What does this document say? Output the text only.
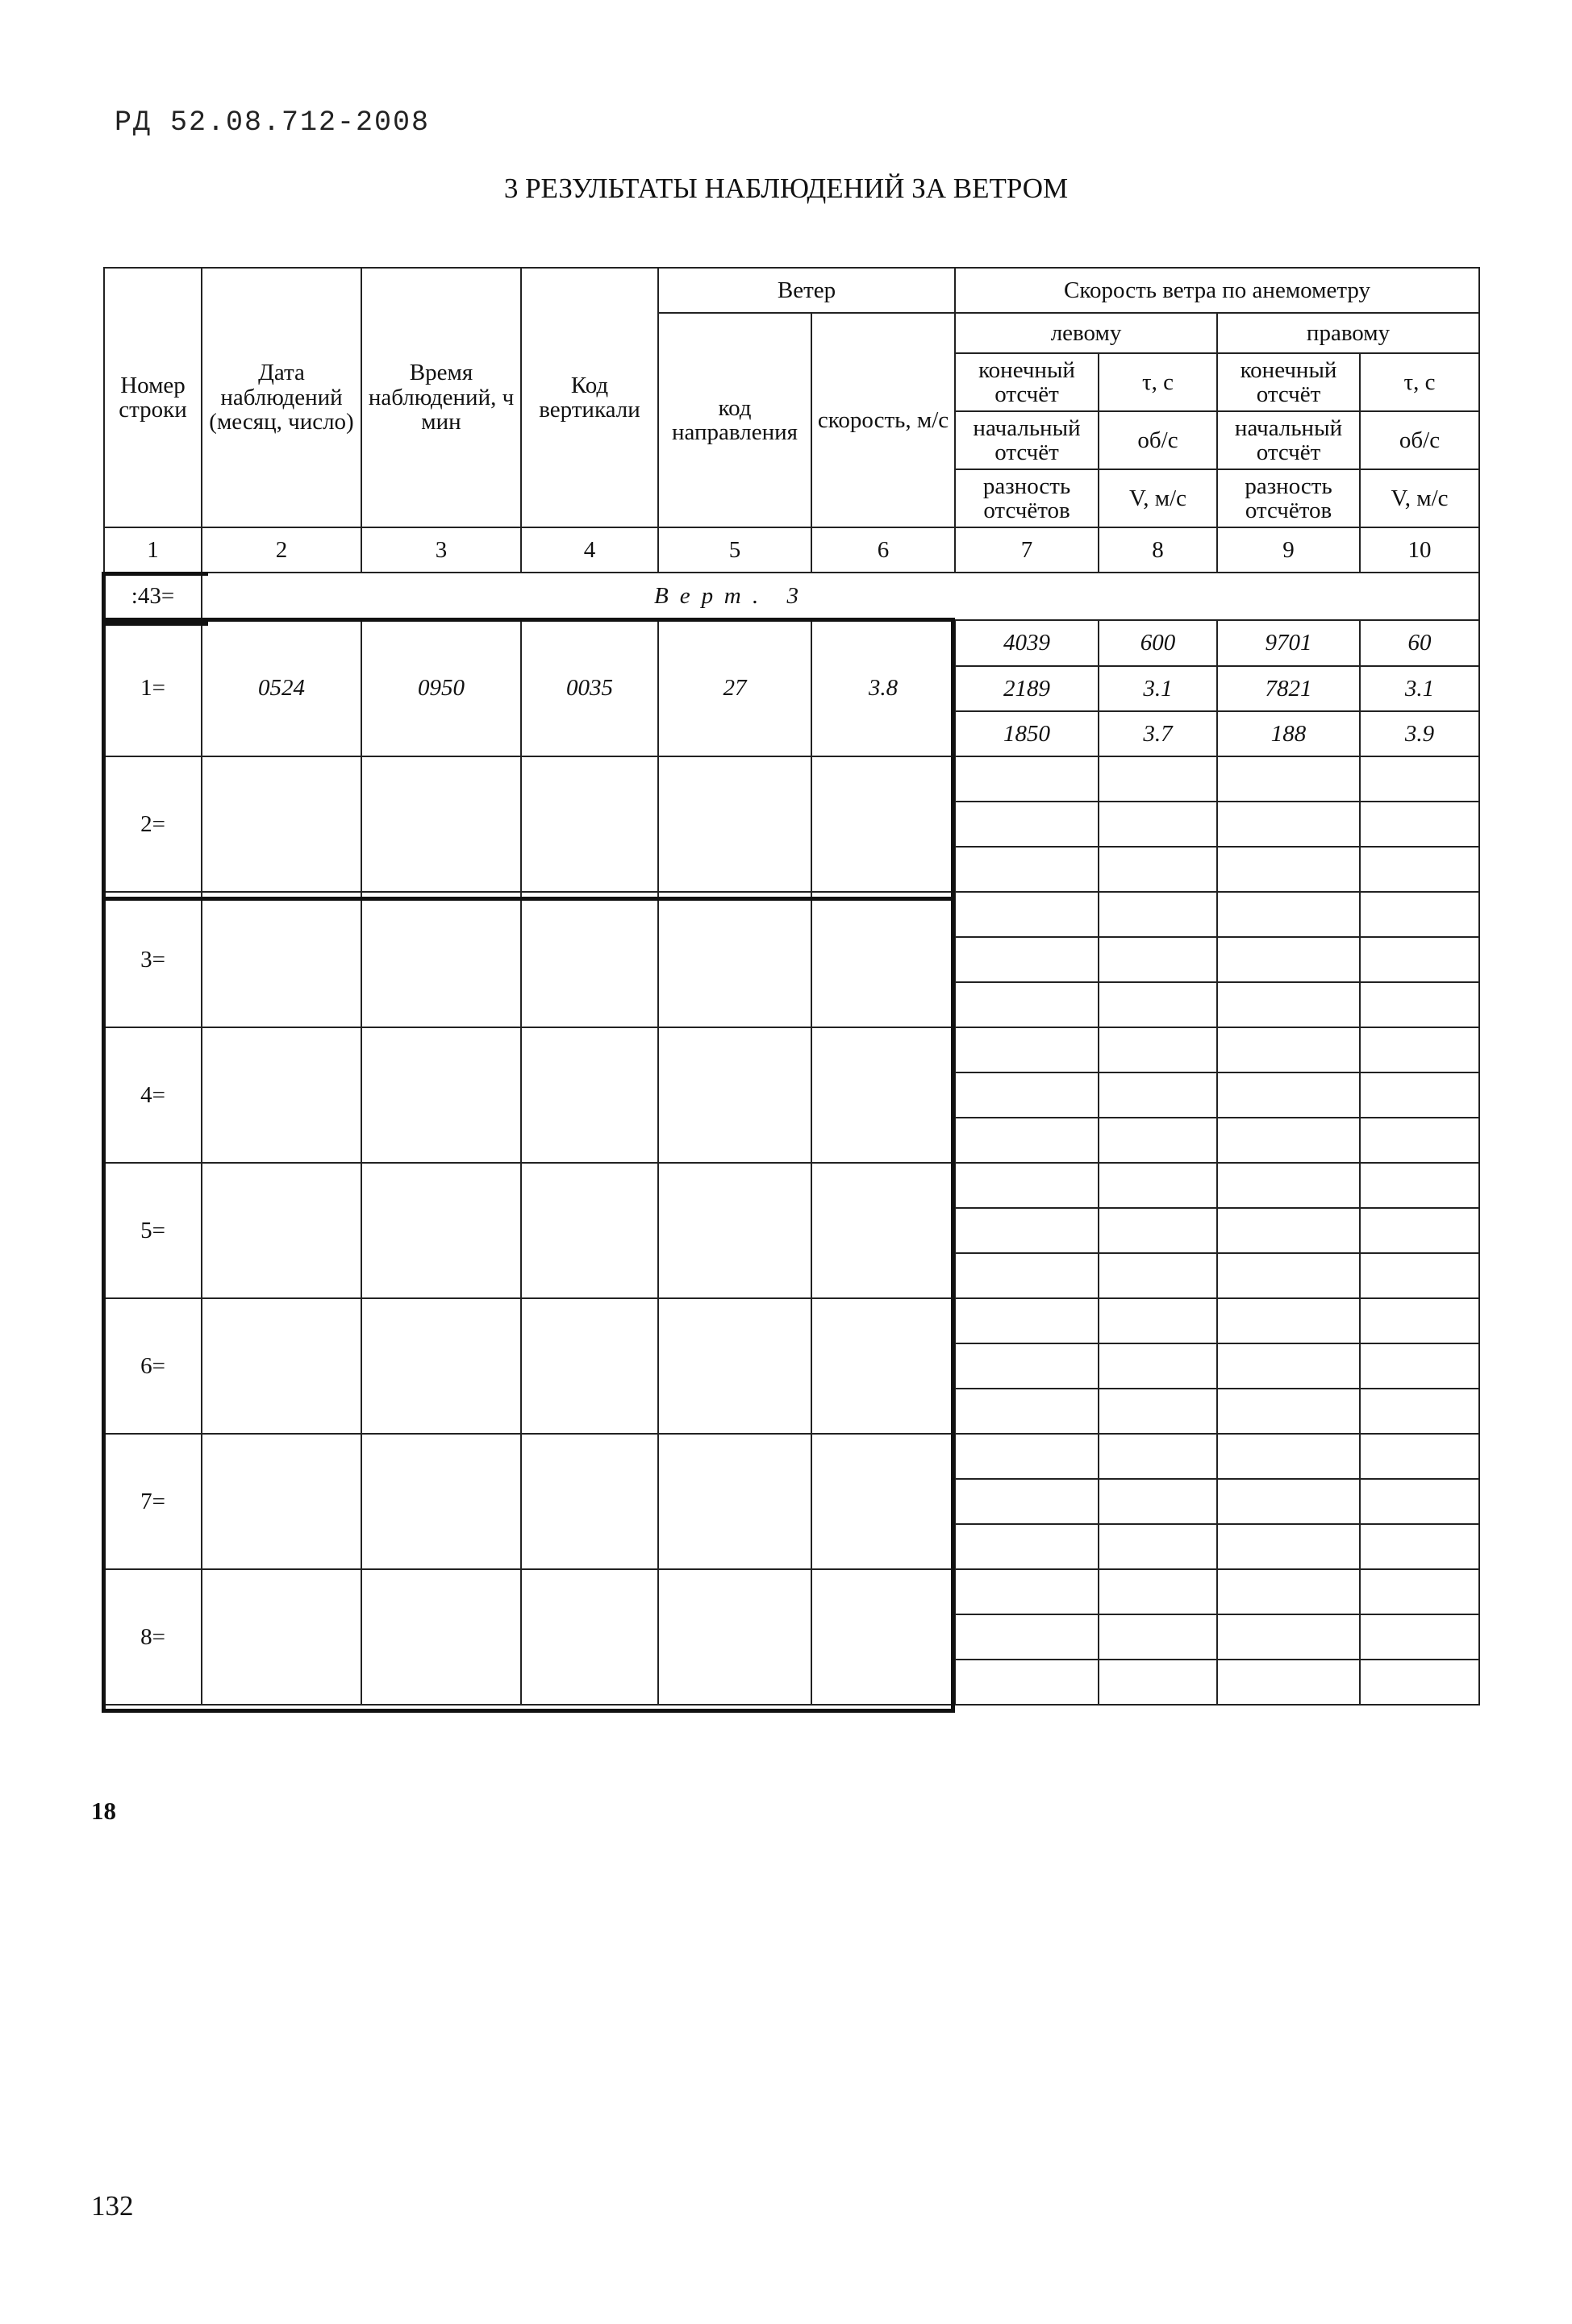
РД 52.08.712-2008
3 РЕЗУЛЬТАТЫ НАБЛЮДЕНИЙ ЗА ВЕТРОМ
Номер строки	Дата наблюдений (месяц, число)	Время наблюдений, ч мин	Код вертикали	Ветер		Скорость ветра по анемометру			
				код направления	скорость, м/с	левому		правому	
						конечный отсчёт	τ, с	конечный отсчёт	τ, с
						начальный отсчёт	об/с	начальный отсчёт	об/с
						разность отсчётов	V, м/с	разность отсчётов	V, м/с

1	2	3	4	5	6	7	8	9	10
:43=	Верт. 3								
1=	0524	0950	0035	27	3.8	4039	600	9701	60
						2189	3.1	7821	3.1
						1850	3.7	188	3.9
2=									

3=									

4=									

5=									

6=									

7=									

8=									

18
132
